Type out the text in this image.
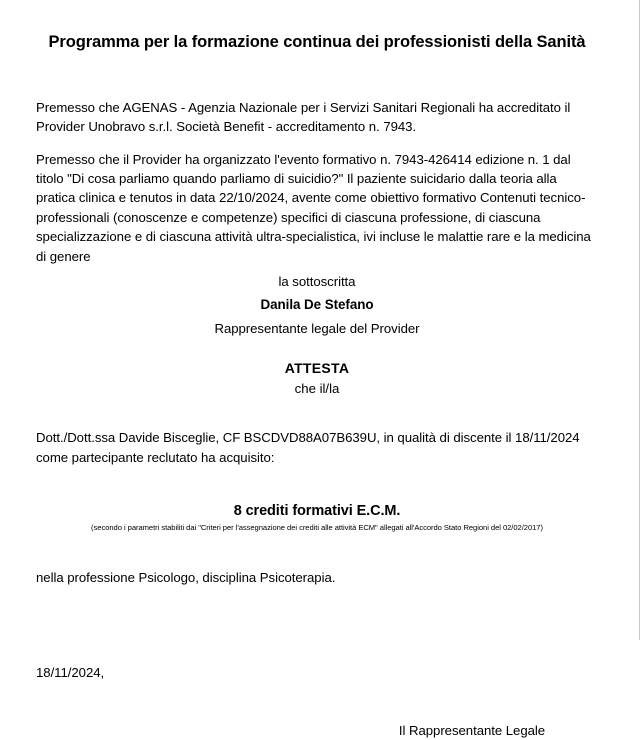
Programma per la formazione continua dei professionisti della Sanità

Premesso che AGENAS - Agenzia Nazionale per i Servizi Sanitari Regionali ha accreditato il Provider Unobravo s.r.l. Società Benefit - accreditamento n. 7943.

Premesso che il Provider ha organizzato l'evento formativo n. 7943-426414 edizione n. 1 dal titolo "Di cosa parliamo quando parliamo di suicidio?" Il paziente suicidario dalla teoria alla pratica clinica e tenutos in data 22/10/2024, avente come obiettivo formativo Contenuti tecnico-professionali (conoscenze e competenze) specifici di ciascuna professione, di ciascuna specializzazione e di ciascuna attività ultra-specialistica, ivi incluse le malattie rare e la medicina di genere

la sottoscritta
Danila De Stefano
Rappresentante legale del Provider
ATTESTA
che il/la

Dott./Dott.ssa Davide Bisceglie, CF BSCDVD88A07B639U, in qualità di discente il 18/11/2024 come partecipante reclutato ha acquisito:

8 crediti formativi E.C.M.
(secondo i parametri stabiliti dai "Criteri per l'assegnazione dei crediti alle attività ECM" allegati all'Accordo Stato Regioni del 02/02/2017)

nella professione Psicologo, disciplina Psicoterapia.

18/11/2024,
Il Rappresentante Legale
